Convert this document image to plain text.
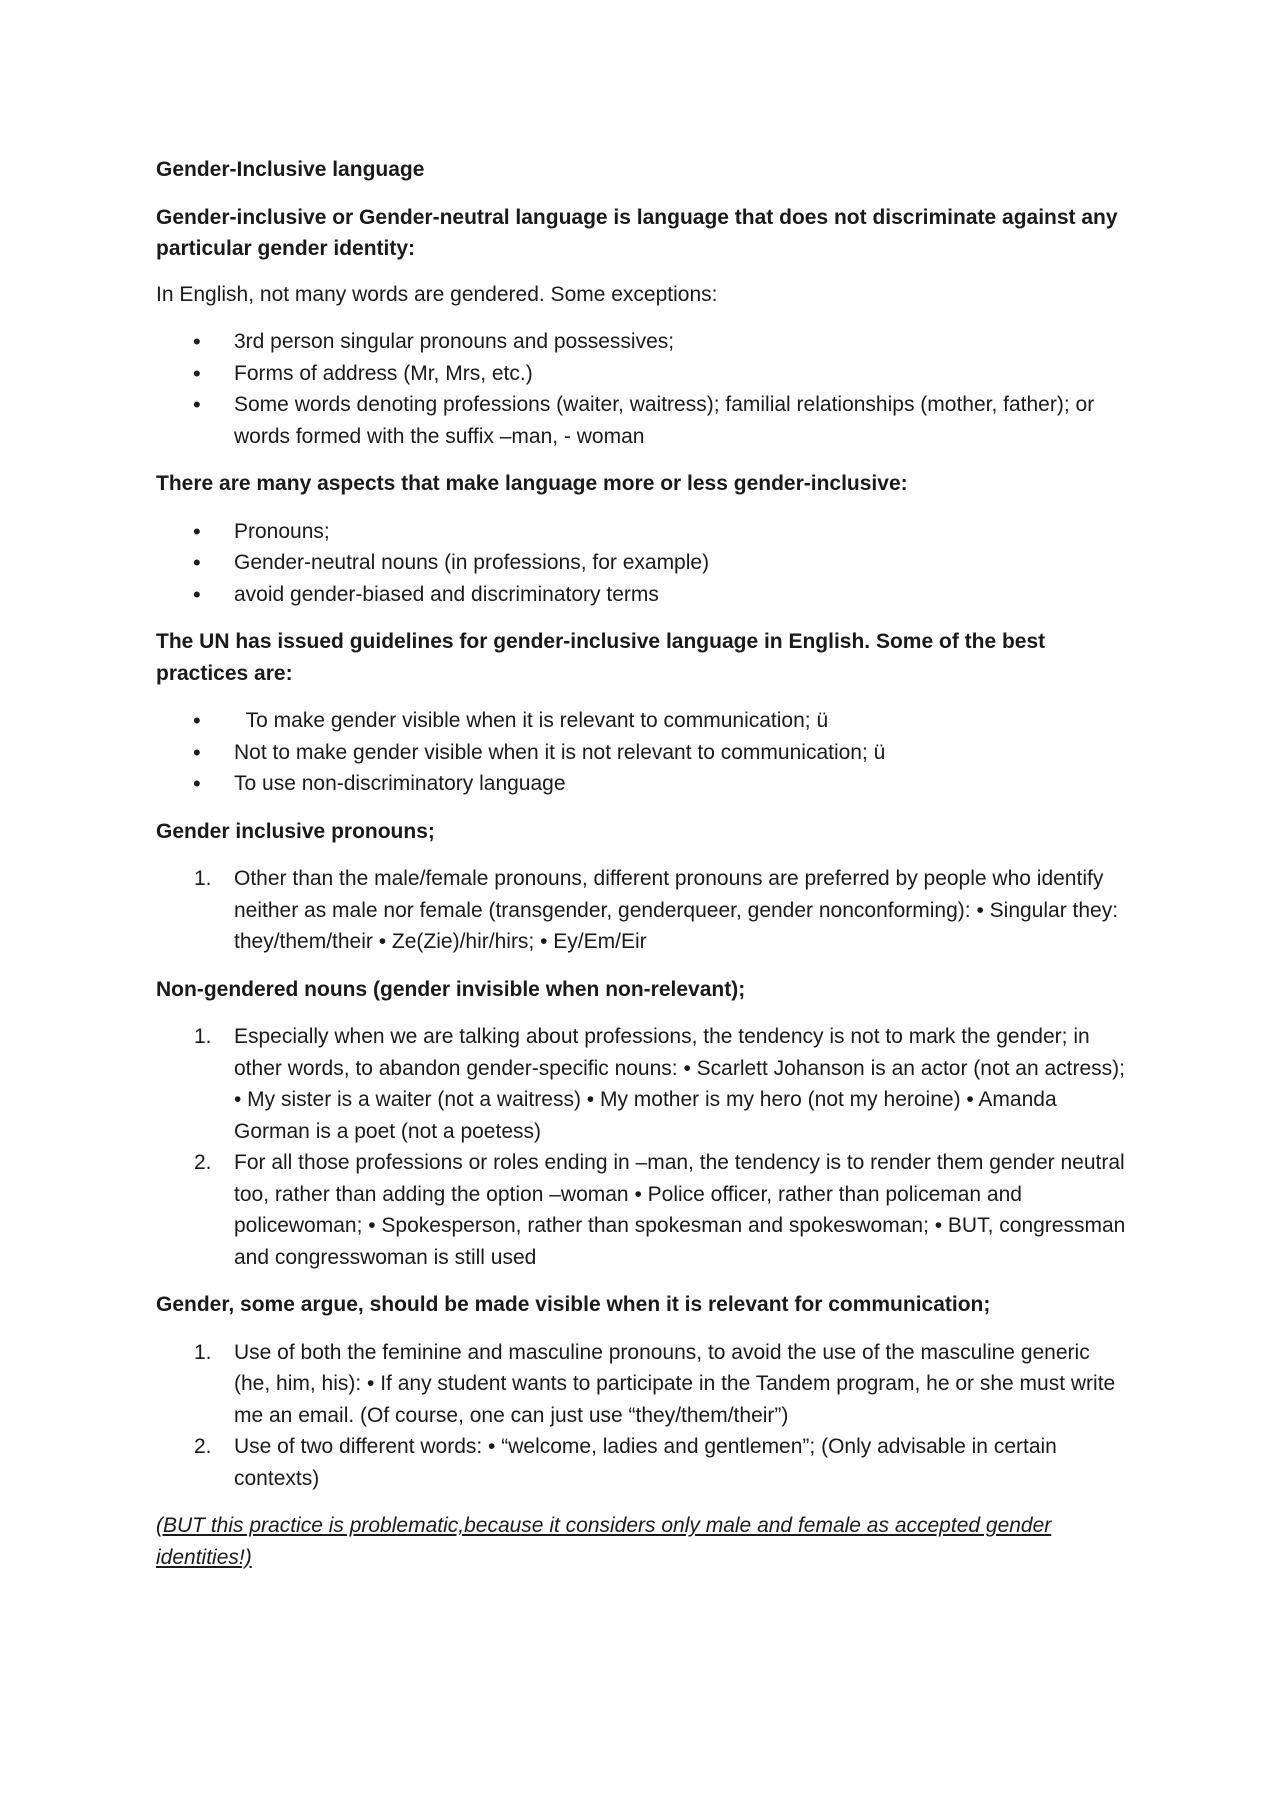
Gender-Inclusive language

Gender-inclusive or Gender-neutral language is language that does not discriminate against any particular gender identity:

In English, not many words are gendered. Some exceptions:

• 3rd person singular pronouns and possessives;
• Forms of address (Mr, Mrs, etc.)
• Some words denoting professions (waiter, waitress); familial relationships (mother, father); or words formed with the suffix –man, - woman

There are many aspects that make language more or less gender-inclusive:

• Pronouns;
• Gender-neutral nouns (in professions, for example)
• avoid gender-biased and discriminatory terms

The UN has issued guidelines for gender-inclusive language in English. Some of the best practices are:

• To make gender visible when it is relevant to communication; ü
• Not to make gender visible when it is not relevant to communication; ü
• To use non-discriminatory language

Gender inclusive pronouns;

1. Other than the male/female pronouns, different pronouns are preferred by people who identify neither as male nor female (transgender, genderqueer, gender nonconforming): • Singular they: they/them/their • Ze(Zie)/hir/hirs; • Ey/Em/Eir

Non-gendered nouns (gender invisible when non-relevant);

1. Especially when we are talking about professions, the tendency is not to mark the gender; in other words, to abandon gender-specific nouns: • Scarlett Johanson is an actor (not an actress); • My sister is a waiter (not a waitress) • My mother is my hero (not my heroine) • Amanda Gorman is a poet (not a poetess)
2. For all those professions or roles ending in –man, the tendency is to render them gender neutral too, rather than adding the option –woman • Police officer, rather than policeman and policewoman; • Spokesperson, rather than spokesman and spokeswoman; • BUT, congressman and congresswoman is still used

Gender, some argue, should be made visible when it is relevant for communication;

1. Use of both the feminine and masculine pronouns, to avoid the use of the masculine generic (he, him, his): • If any student wants to participate in the Tandem program, he or she must write me an email. (Of course, one can just use “they/them/their”)
2. Use of two different words: • “welcome, ladies and gentlemen”; (Only advisable in certain contexts)

(BUT this practice is problematic,because it considers only male and female as accepted gender identities!)
